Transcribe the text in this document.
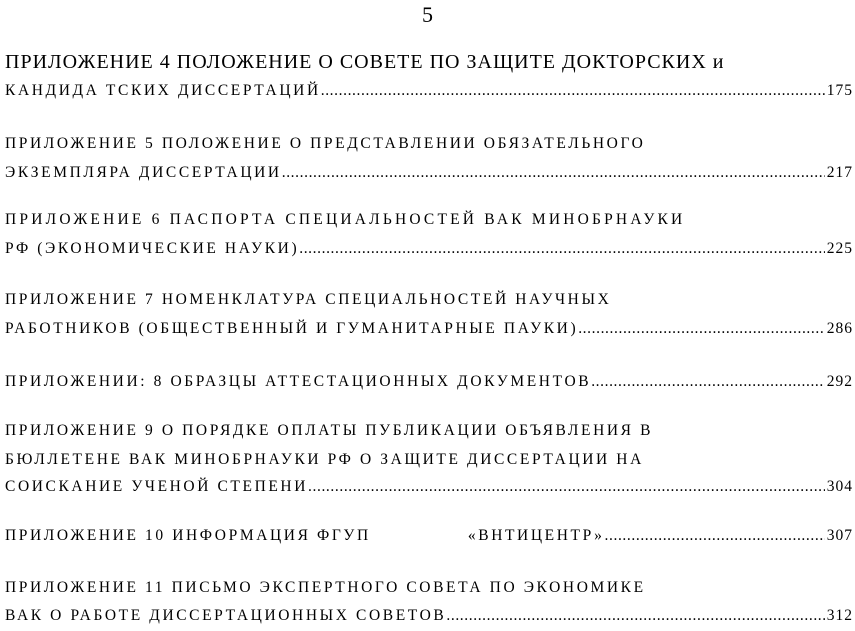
5
ПРИЛОЖЕНИЕ 4 ПОЛОЖЕНИЕ О СОВЕТЕ ПО ЗАЩИТЕ ДОКТОРСКИХ и
КАНДИДА ТСКИХ ДИССЕРТАЦИЙ .....	175
ПРИЛОЖЕНИЕ 5 ПОЛОЖЕНИЕ О ПРЕДСТАВЛЕНИИ ОБЯЗАТЕЛЬНОГО
ЭКЗЕМПЛЯРА ДИССЕРТАЦИИ .....	217
ПРИЛОЖЕНИЕ 6 ПАСПОРТА СПЕЦИАЛЬНОСТЕЙ ВАК МИНОБРНАУКИ
РФ (ЭКОНОМИЧЕСКИЕ НАУКИ) .....	225
ПРИЛОЖЕНИЕ 7 НОМЕНКЛАТУРА СПЕЦИАЛЬНОСТЕЙ НАУЧНЫХ
РАБОТНИКОВ (ОБЩЕСТВЕННЫЙ И ГУМАНИТАРНЫЕ ПАУКИ) .....	286
ПРИЛОЖЕНИИ: 8 ОБРАЗЦЫ АТТЕСТАЦИОННЫХ ДОКУМЕНТОВ .....	292
ПРИЛОЖЕНИЕ 9 О ПОРЯДКЕ ОПЛАТЫ ПУБЛИКАЦИИ ОБЪЯВЛЕНИЯ В
БЮЛЛЕТЕНЕ ВАК МИНОБРНАУКИ РФ О ЗАЩИТЕ ДИССЕРТАЦИИ НА
СОИСКАНИЕ УЧЕНОЙ СТЕПЕНИ .....	304
ПРИЛОЖЕНИЕ 10 ИНФОРМАЦИЯ ФГУП               «ВНТИЦЕНТР» .....	307
ПРИЛОЖЕНИЕ 11 ПИСЬМО ЭКСПЕРТНОГО СОВЕТА ПО ЭКОНОМИКЕ
ВАК О РАБОТЕ ДИССЕРТАЦИОННЫХ СОВЕТОВ .....	312
